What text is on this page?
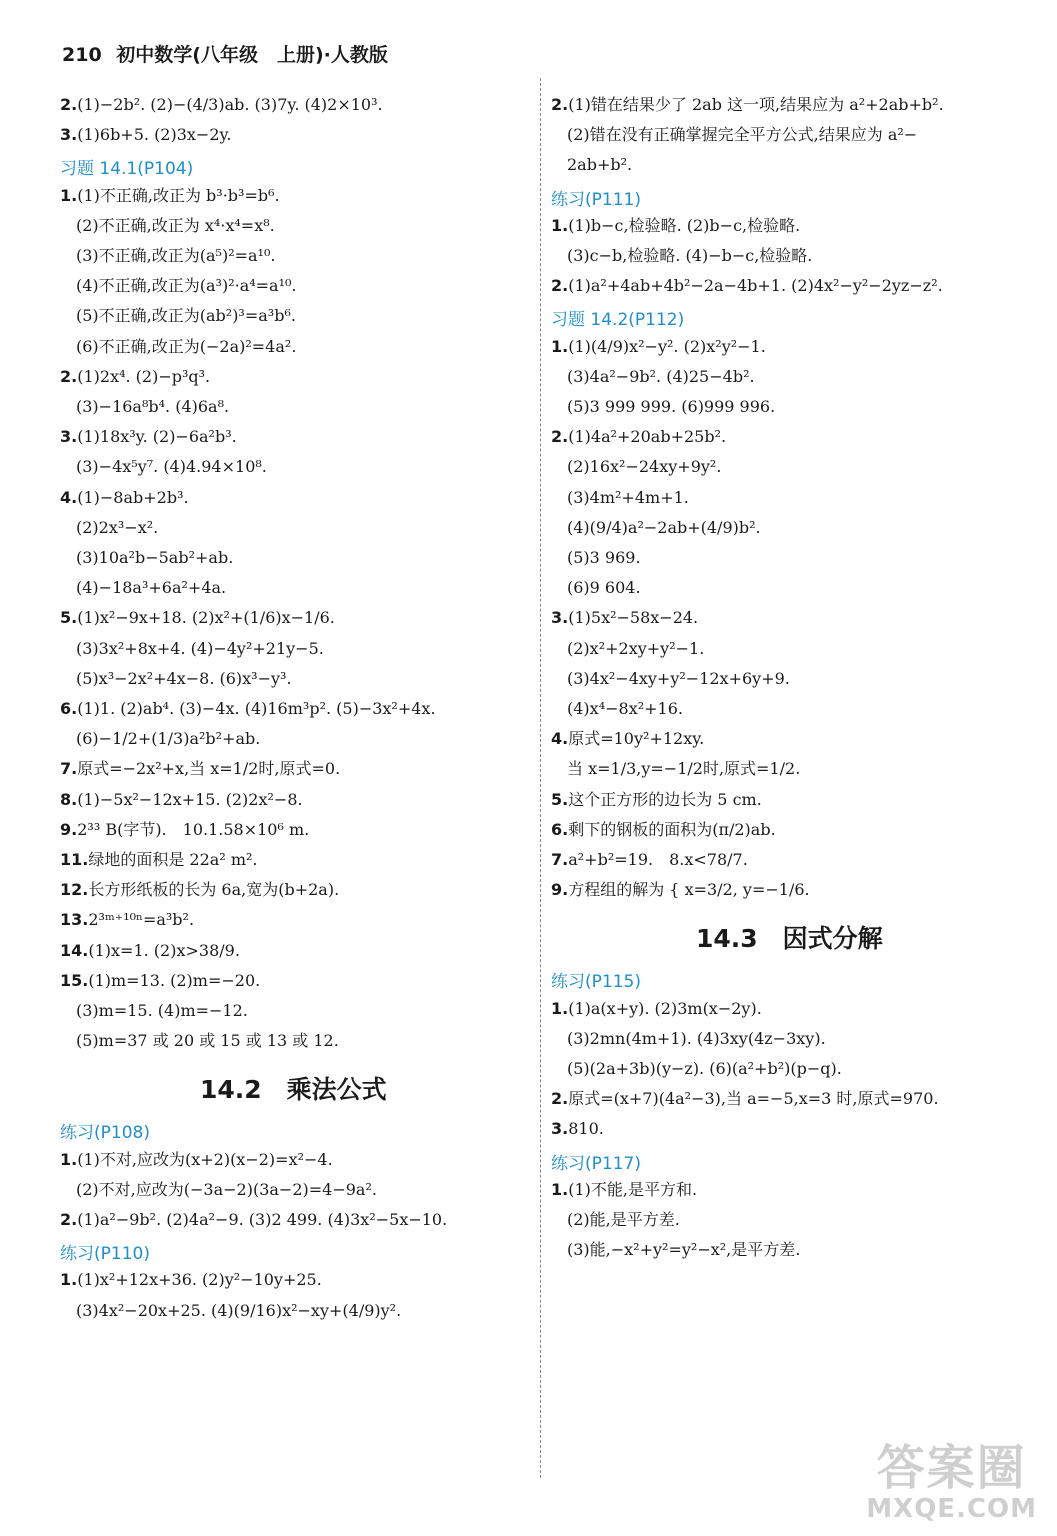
210 初中数学(八年级　上册)·人教版
2.(1)−2b². (2)−(4/3)ab. (3)7y. (4)2×10³.
3.(1)6b+5. (2)3x−2y.
习题 14.1(P104)
1.(1)不正确,改正为 b³·b³=b⁶.
(2)不正确,改正为 x⁴·x⁴=x⁸.
(3)不正确,改正为(a⁵)²=a¹⁰.
(4)不正确,改正为(a³)²·a⁴=a¹⁰.
(5)不正确,改正为(ab²)³=a³b⁶.
(6)不正确,改正为(−2a)²=4a².
2.(1)2x⁴. (2)−p³q³.
(3)−16a⁸b⁴. (4)6a⁸.
3.(1)18x³y. (2)−6a²b³.
(3)−4x⁵y⁷. (4)4.94×10⁸.
4.(1)−8ab+2b³.
(2)2x³−x².
(3)10a²b−5ab²+ab.
(4)−18a³+6a²+4a.
5.(1)x²−9x+18. (2)x²+(1/6)x−1/6.
(3)3x²+8x+4. (4)−4y²+21y−5.
(5)x³−2x²+4x−8. (6)x³−y³.
6.(1)1. (2)ab⁴. (3)−4x. (4)16m³p². (5)−3x²+4x.
(6)−1/2+(1/3)a²b²+ab.
7.原式=−2x²+x,当 x=1/2时,原式=0.
8.(1)−5x²−12x+15. (2)2x²−8.
9.2³³ B(字节).　10.1.58×10⁶ m.
11.绿地的面积是 22a² m².
12.长方形纸板的长为 6a,宽为(b+2a).
13.2³ᵐ⁺¹⁰ⁿ=a³b².
14.(1)x=1. (2)x>38/9.
15.(1)m=13. (2)m=−20.
(3)m=15. (4)m=−12.
(5)m=37 或 20 或 15 或 13 或 12.
14.2　乘法公式
练习(P108)
1.(1)不对,应改为(x+2)(x−2)=x²−4.
(2)不对,应改为(−3a−2)(3a−2)=4−9a².
2.(1)a²−9b². (2)4a²−9. (3)2 499. (4)3x²−5x−10.
练习(P110)
1.(1)x²+12x+36. (2)y²−10y+25.
(3)4x²−20x+25. (4)(9/16)x²−xy+(4/9)y².
2.(1)错在结果少了 2ab 这一项,结果应为 a²+2ab+b².
(2)错在没有正确掌握完全平方公式,结果应为 a²−
2ab+b².
练习(P111)
1.(1)b−c,检验略. (2)b−c,检验略.
(3)c−b,检验略. (4)−b−c,检验略.
2.(1)a²+4ab+4b²−2a−4b+1. (2)4x²−y²−2yz−z².
习题 14.2(P112)
1.(1)(4/9)x²−y². (2)x²y²−1.
(3)4a²−9b². (4)25−4b².
(5)3 999 999. (6)999 996.
2.(1)4a²+20ab+25b².
(2)16x²−24xy+9y².
(3)4m²+4m+1.
(4)(9/4)a²−2ab+(4/9)b².
(5)3 969.
(6)9 604.
3.(1)5x²−58x−24.
(2)x²+2xy+y²−1.
(3)4x²−4xy+y²−12x+6y+9.
(4)x⁴−8x²+16.
4.原式=10y²+12xy.
当 x=1/3,y=−1/2时,原式=1/2.
5.这个正方形的边长为 5 cm.
6.剩下的钢板的面积为(π/2)ab.
7.a²+b²=19.　8.x<78/7.
9.方程组的解为 { x=3/2, y=−1/6.
14.3　因式分解
练习(P115)
1.(1)a(x+y). (2)3m(x−2y).
(3)2mn(4m+1). (4)3xy(4z−3xy).
(5)(2a+3b)(y−z). (6)(a²+b²)(p−q).
2.原式=(x+7)(4a²−3),当 a=−5,x=3 时,原式=970.
3.810.
练习(P117)
1.(1)不能,是平方和.
(2)能,是平方差.
(3)能,−x²+y²=y²−x²,是平方差.
答案圈
MXQE.COM
